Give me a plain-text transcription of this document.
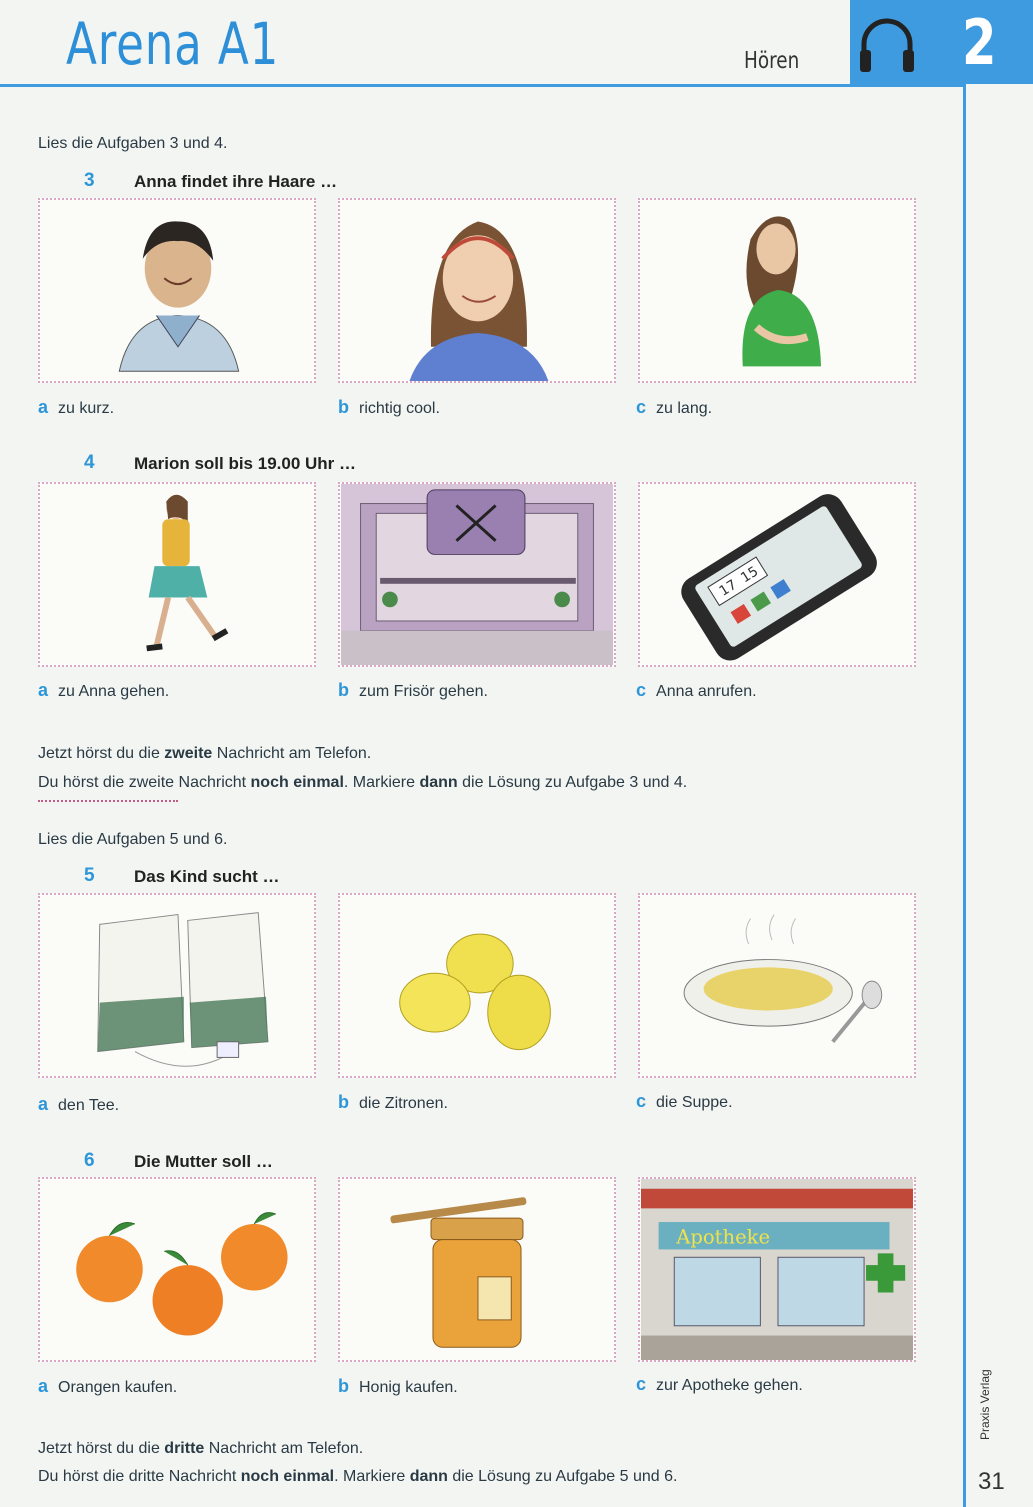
Arena A1	Hören	2
Lies die Aufgaben 3 und 4.
3 Anna findet ihre Haare …
a zu kurz.	b richtig cool.	c zu lang.
4 Marion soll bis 19.00 Uhr …
17
15
a zu Anna gehen.	b zum Frisör gehen.	c Anna anrufen.
Jetzt hörst du die zweite Nachricht am Telefon.
Du hörst die zweite Nachricht noch einmal. Markiere dann die Lösung zu Aufgabe 3 und 4.
Lies die Aufgaben 5 und 6.
5 Das Kind sucht …
a den Tee.	b die Zitronen.	c die Suppe.
6 Die Mutter soll …
Apotheke
a Orangen kaufen.	b Honig kaufen.	c zur Apotheke gehen.
Jetzt hörst du die dritte Nachricht am Telefon.
Du hörst die dritte Nachricht noch einmal. Markiere dann die Lösung zu Aufgabe 5 und 6.
Praxis Verlag
31
